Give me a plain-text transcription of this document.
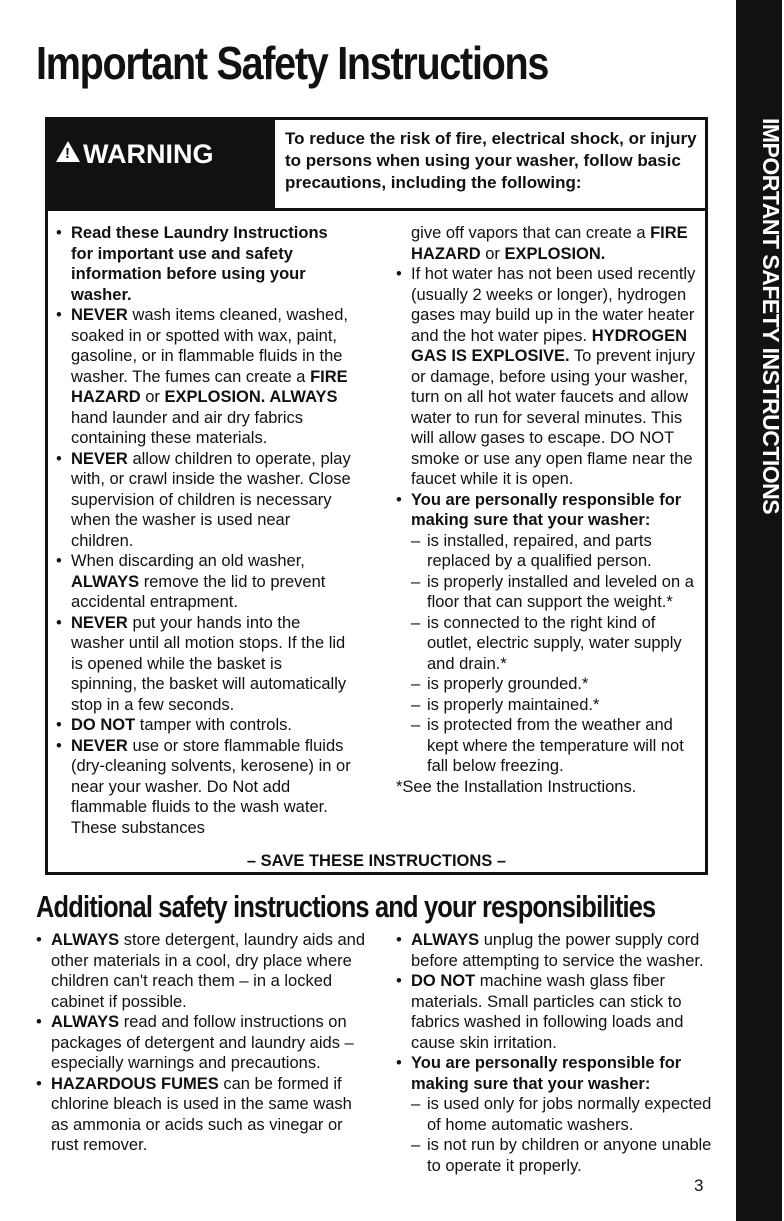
Important Safety Instructions
IMPORTANT SAFETY INSTRUCTIONS
!WARNING
To reduce the risk of fire, electrical shock, or injury to persons when using your washer, follow basic precautions, including the following:
• Read these Laundry Instructions for important use and safety information before using your washer.
• NEVER wash items cleaned, washed, soaked in or spotted with wax, paint, gasoline, or in flammable fluids in the washer. The fumes can create a FIRE HAZARD or EXPLOSION. ALWAYS hand launder and air dry fabrics containing these materials.
• NEVER allow children to operate, play with, or crawl inside the washer. Close supervision of children is necessary when the washer is used near children.
• When discarding an old washer, ALWAYS remove the lid to prevent accidental entrapment.
• NEVER put your hands into the washer until all motion stops. If the lid is opened while the basket is spinning, the basket will automatically stop in a few seconds.
• DO NOT tamper with controls.
• NEVER use or store flammable fluids (dry-cleaning solvents, kerosene) in or near your washer. Do Not add flammable fluids to the wash water. These substances
give off vapors that can create a FIRE HAZARD or EXPLOSION.
• If hot water has not been used recently (usually 2 weeks or longer), hydrogen gases may build up in the water heater and the hot water pipes. HYDROGEN GAS IS EXPLOSIVE. To prevent injury or damage, before using your washer, turn on all hot water faucets and allow water to run for several minutes. This will allow gases to escape. DO NOT smoke or use any open flame near the faucet while it is open.
• You are personally responsible for making sure that your washer:
– is installed, repaired, and parts replaced by a qualified person.
– is properly installed and leveled on a floor that can support the weight.*
– is connected to the right kind of outlet, electric supply, water supply and drain.*
– is properly grounded.*
– is properly maintained.*
– is protected from the weather and kept where the temperature will not fall below freezing.
*See the Installation Instructions.
– SAVE THESE INSTRUCTIONS –
Additional safety instructions and your responsibilities
• ALWAYS store detergent, laundry aids and other materials in a cool, dry place where children can't reach them – in a locked cabinet if possible.
• ALWAYS read and follow instructions on packages of detergent and laundry aids – especially warnings and precautions.
• HAZARDOUS FUMES can be formed if chlorine bleach is used in the same wash as ammonia or acids such as vinegar or rust remover.
• ALWAYS unplug the power supply cord before attempting to service the washer.
• DO NOT machine wash glass fiber materials. Small particles can stick to fabrics washed in following loads and cause skin irritation.
• You are personally responsible for making sure that your washer:
– is used only for jobs normally expected of home automatic washers.
– is not run by children or anyone unable to operate it properly.
3
